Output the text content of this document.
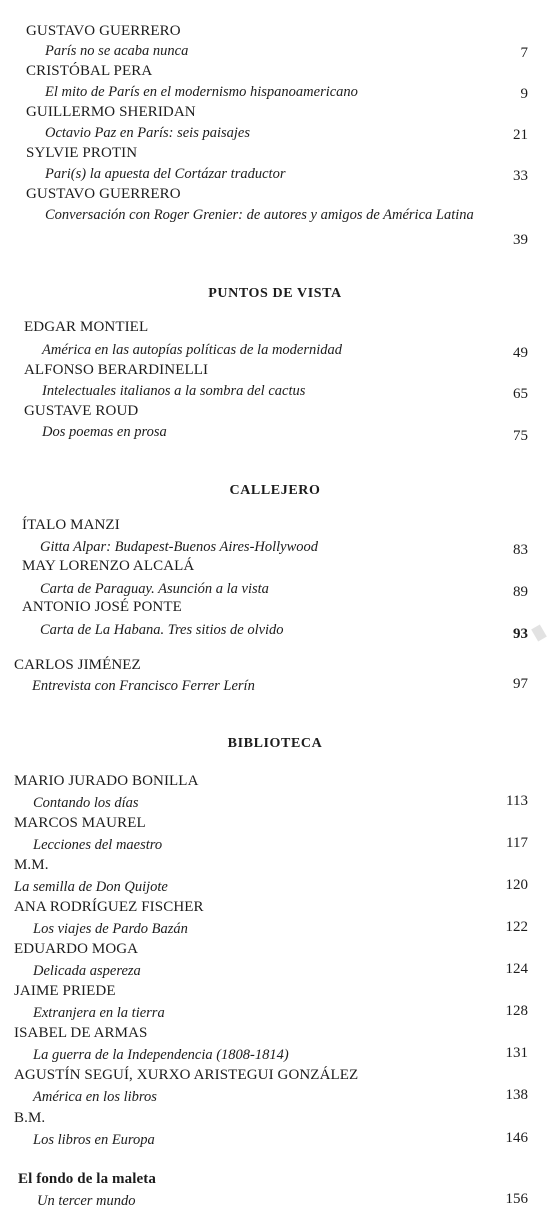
GUSTAVO GUERRERO
París no se acaba nunca	7
CRISTÓBAL PERA
El mito de París en el modernismo hispanoamericano	9
GUILLERMO SHERIDAN
Octavio Paz en París: seis paisajes	21
SYLVIE PROTIN
Pari(s) la apuesta del Cortázar traductor	33
GUSTAVO GUERRERO
Conversación con Roger Grenier: de autores y amigos de América Latina
39
PUNTOS DE VISTA
EDGAR MONTIEL
América en las autopías políticas de la modernidad	49
ALFONSO BERARDINELLI
Intelectuales italianos a la sombra del cactus	65
GUSTAVE ROUD
Dos poemas en prosa	75
CALLEJERO
ÍTALO MANZI
Gitta Alpar: Budapest-Buenos Aires-Hollywood	83
MAY LORENZO ALCALÁ
Carta de Paraguay. Asunción a la vista	89
ANTONIO JOSÉ PONTE
Carta de La Habana. Tres sitios de olvido	93
CARLOS JIMÉNEZ
Entrevista con Francisco Ferrer Lerín	97
BIBLIOTECA
MARIO JURADO BONILLA
Contando los días	113
MARCOS MAUREL
Lecciones del maestro	117
M.M.
La semilla de Don Quijote	120
ANA RODRÍGUEZ FISCHER
Los viajes de Pardo Bazán	122
EDUARDO MOGA
Delicada aspereza	124
JAIME PRIEDE
Extranjera en la tierra	128
ISABEL DE ARMAS
La guerra de la Independencia (1808-1814)	131
AGUSTÍN SEGUÍ, XURXO ARISTEGUI GONZÁLEZ
América en los libros	138
B.M.
Los libros en Europa	146
El fondo de la maleta
Un tercer mundo	156
